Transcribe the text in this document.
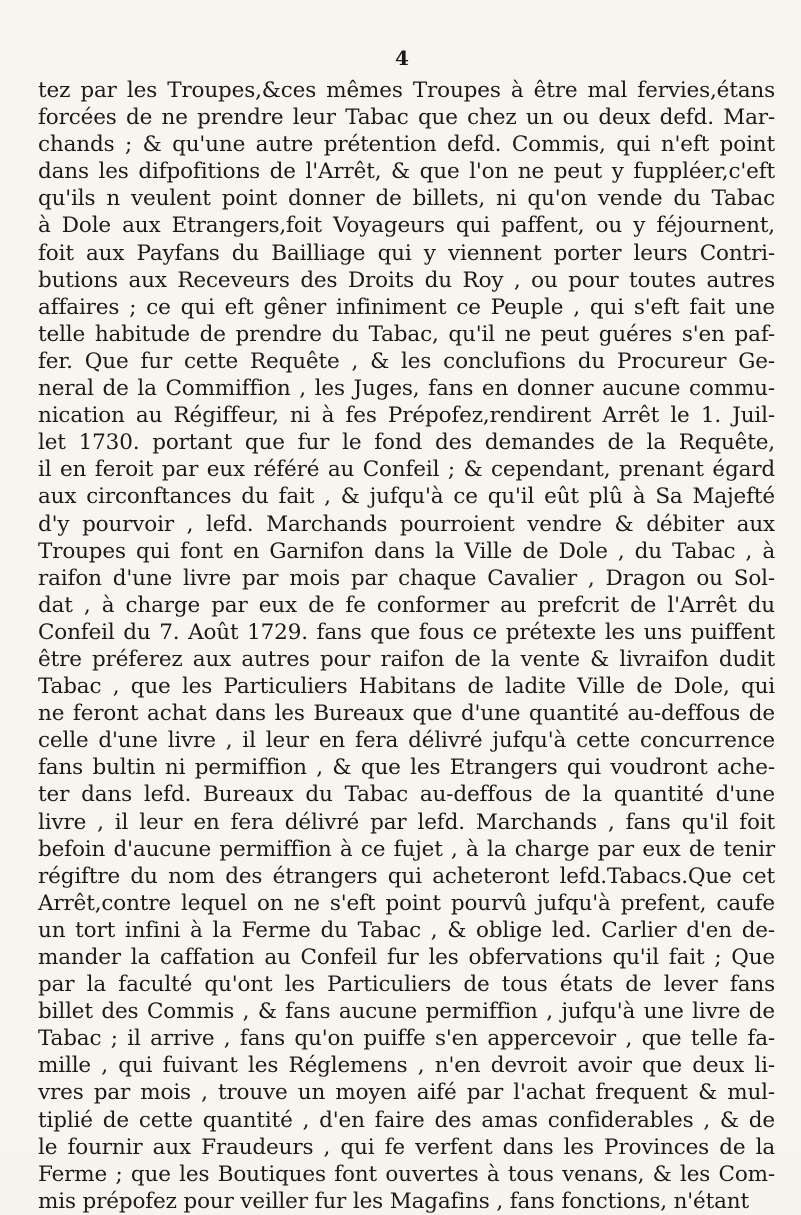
4
tez par les Troupes,&ces mêmes Troupes à être mal fervies,étans
forcées de ne prendre leur Tabac que chez un ou deux defd. Mar-
chands ; & qu'une autre prétention defd. Commis, qui n'eft point
dans les difpofitions de l'Arrêt, & que l'on ne peut y fuppléer,c'eft
qu'ils n veulent point donner de billets, ni qu'on vende du Tabac
à Dole aux Etrangers,foit Voyageurs qui paffent, ou y féjournent,
foit aux Payfans du Bailliage qui y viennent porter leurs Contri-
butions aux Receveurs des Droits du Roy , ou pour toutes autres
affaires ; ce qui eft gêner infiniment ce Peuple , qui s'eft fait une
telle habitude de prendre du Tabac, qu'il ne peut guéres s'en paf-
fer. Que fur cette Requête , & les conclufions du Procureur Ge-
neral de la Commiffion , les Juges, fans en donner aucune commu-
nication au Régiffeur, ni à fes Prépofez,rendirent Arrêt le 1. Juil-
let 1730. portant que fur le fond des demandes de la Requête,
il en feroit par eux référé au Confeil ; & cependant, prenant égard
aux circonftances du fait , & jufqu'à ce qu'il eût plû à Sa Majefté
d'y pourvoir , lefd. Marchands pourroient vendre & débiter aux
Troupes qui font en Garnifon dans la Ville de Dole , du Tabac , à
raifon d'une livre par mois par chaque Cavalier , Dragon ou Sol-
dat , à charge par eux de fe conformer au prefcrit de l'Arrêt du
Confeil du 7. Août 1729. fans que fous ce prétexte les uns puiffent
être préferez aux autres pour raifon de la vente & livraifon dudit
Tabac , que les Particuliers Habitans de ladite Ville de Dole, qui
ne feront achat dans les Bureaux que d'une quantité au-deffous de
celle d'une livre , il leur en fera délivré jufqu'à cette concurrence
fans bultin ni permiffion , & que les Etrangers qui voudront ache-
ter dans lefd. Bureaux du Tabac au-deffous de la quantité d'une
livre , il leur en fera délivré par lefd. Marchands , fans qu'il foit
befoin d'aucune permiffion à ce fujet , à la charge par eux de tenir
régiftre du nom des étrangers qui acheteront lefd.Tabacs.Que cet
Arrêt,contre lequel on ne s'eft point pourvû jufqu'à prefent, caufe
un tort infini à la Ferme du Tabac , & oblige led. Carlier d'en de-
mander la caffation au Confeil fur les obfervations qu'il fait ; Que
par la faculté qu'ont les Particuliers de tous états de lever fans
billet des Commis , & fans aucune permiffion , jufqu'à une livre de
Tabac ; il arrive , fans qu'on puiffe s'en appercevoir , que telle fa-
mille , qui fuivant les Réglemens , n'en devroit avoir que deux li-
vres par mois , trouve un moyen aifé par l'achat frequent & mul-
tiplié de cette quantité , d'en faire des amas confiderables , & de
le fournir aux Fraudeurs , qui fe verfent dans les Provinces de la
Ferme ; que les Boutiques font ouvertes à tous venans, & les Com-
mis prépofez pour veiller fur les Magafins , fans fonctions, n'étant
